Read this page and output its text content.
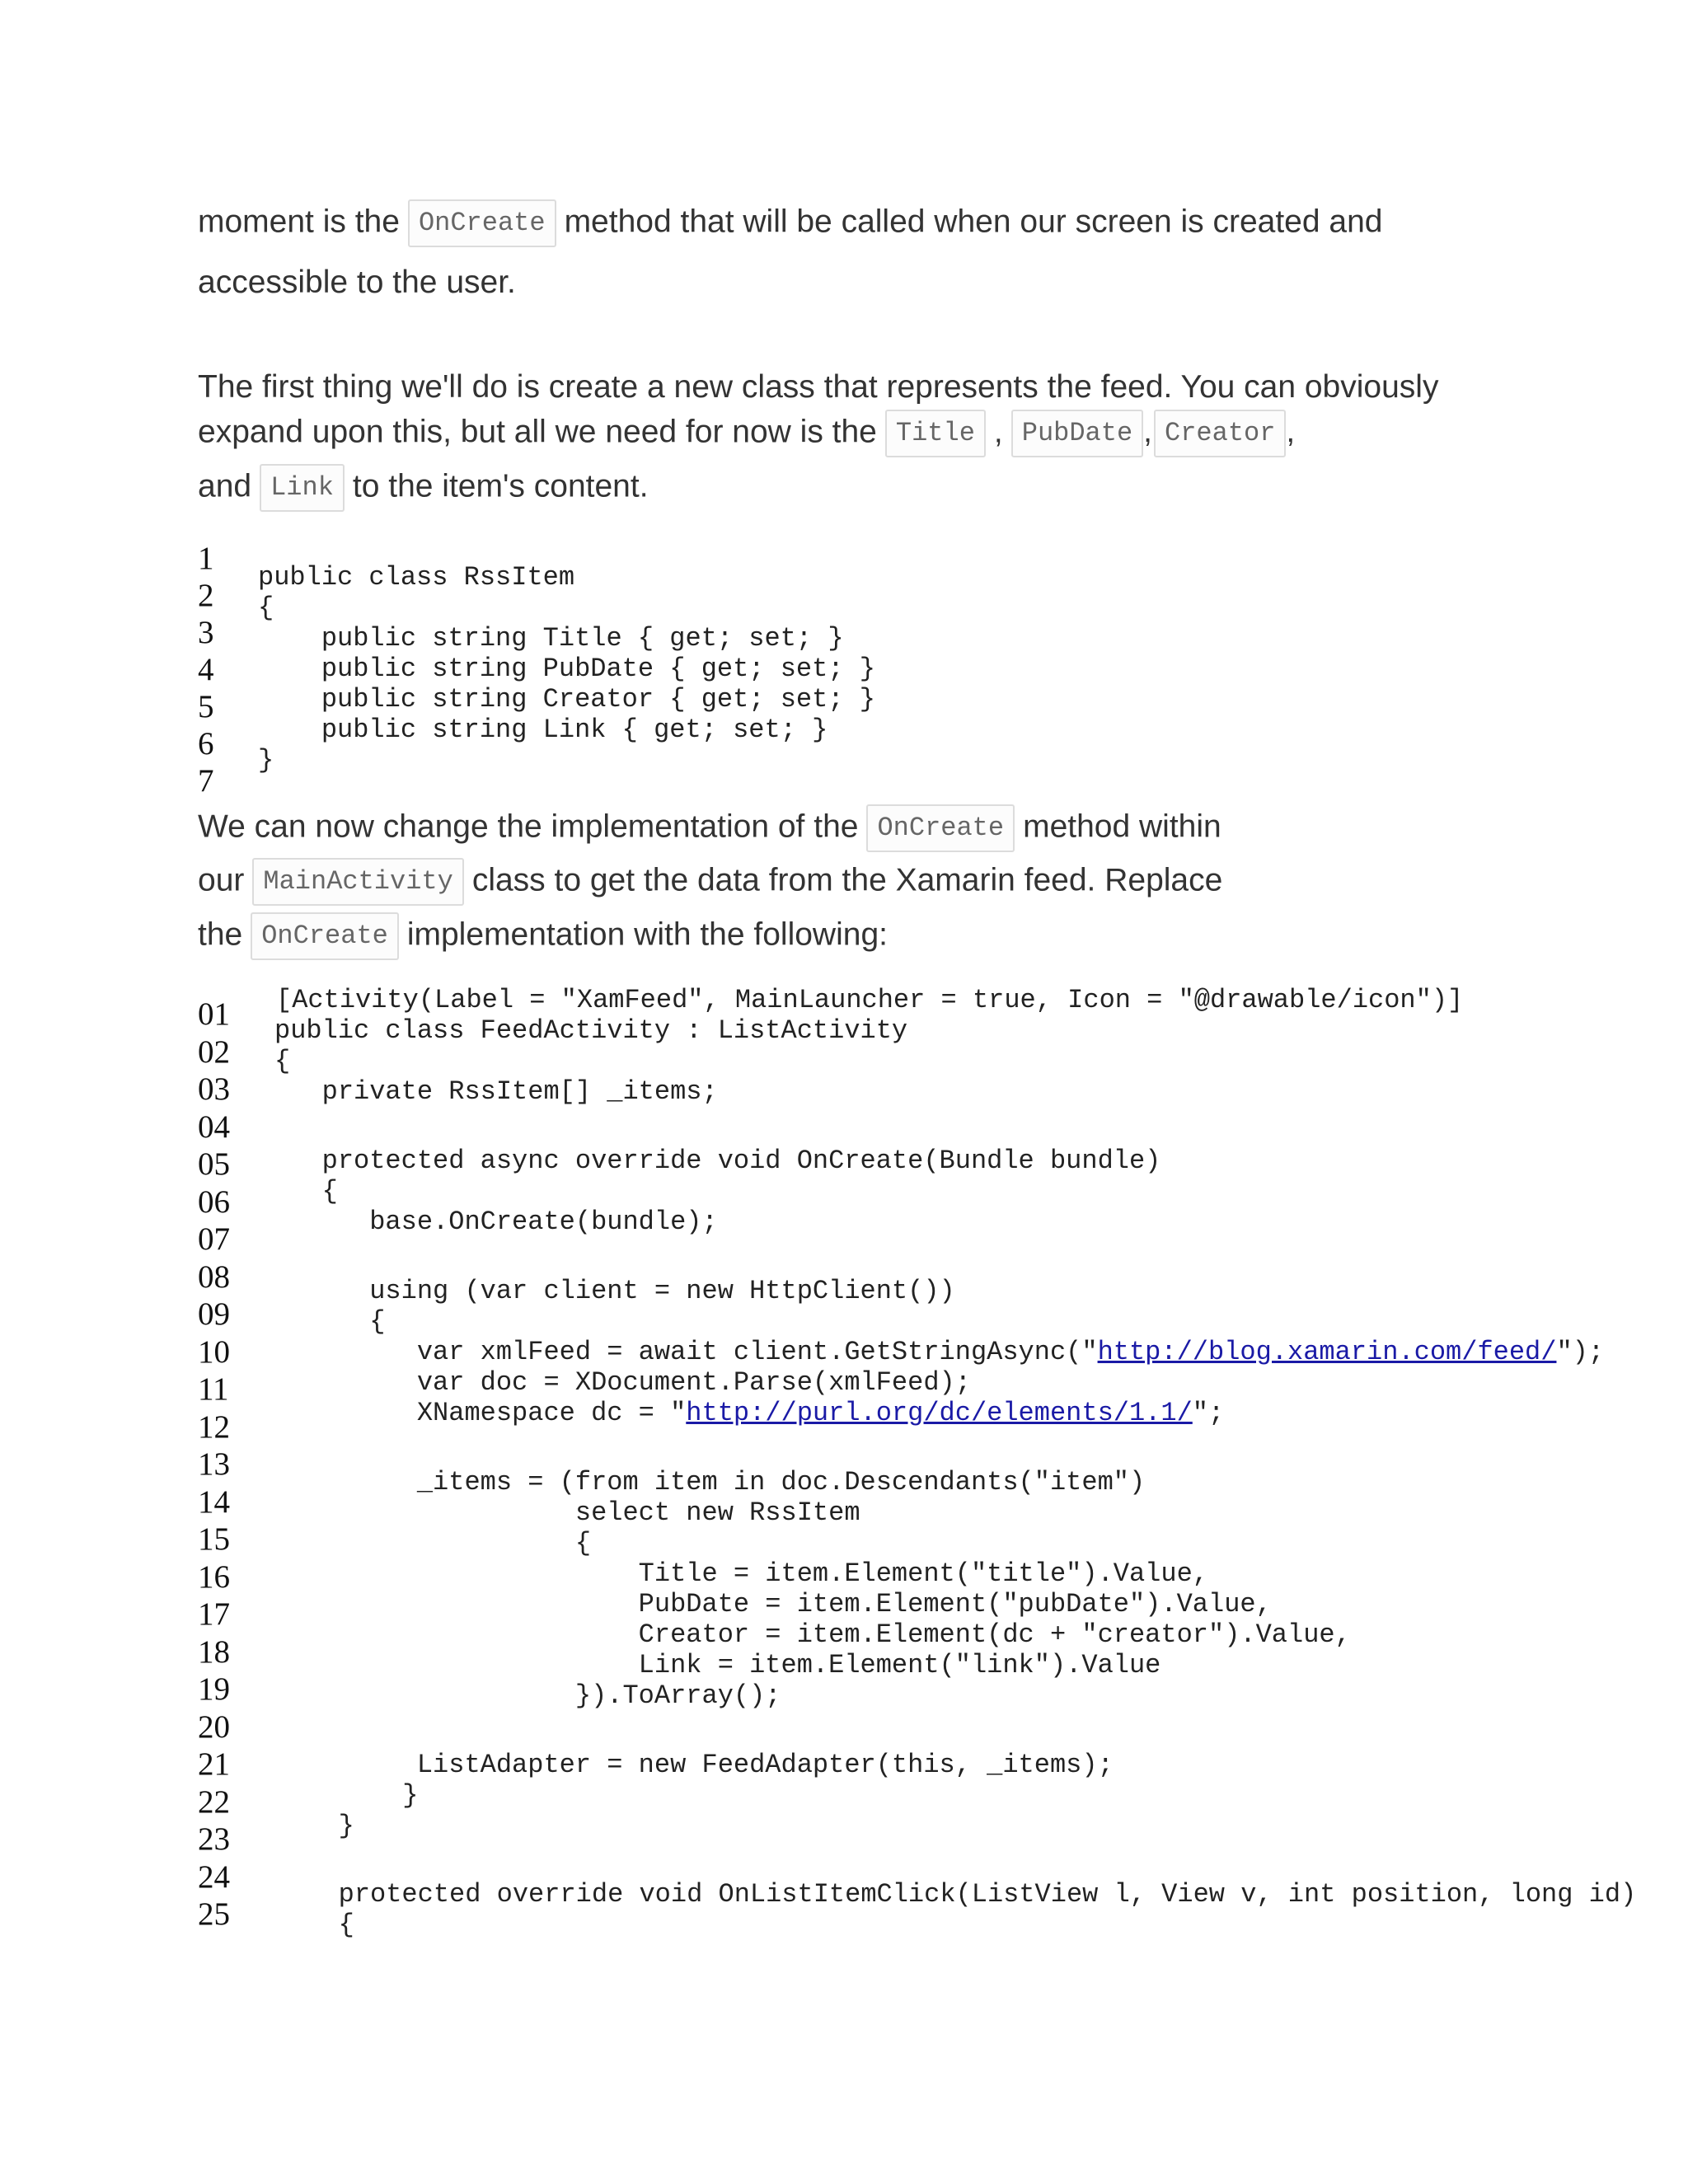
moment is the OnCreate method that will be called when our screen is created and
accessible to the user.
The first thing we'll do is create a new class that represents the feed. You can obviously
expand upon this, but all we need for now is the Title , PubDate , Creator ,
and Link to the item's content.
1
2
3
4
5
6
7
public class RssItem
{
public string Title { get; set; }
public string PubDate { get; set; }
public string Creator { get; set; }
public string Link { get; set; }
}
We can now change the implementation of the OnCreate method within
our MainActivity class to get the data from the Xamarin feed. Replace
the OnCreate implementation with the following:
01
02
03
04
05
06
07
08
09
10
11
12
13
14
15
16
17
18
19
20
21
22
23
24
25
[Activity(Label = "XamFeed", MainLauncher = true, Icon = "@drawable/icon")]
public class FeedActivity : ListActivity
{
private RssItem[] _items;
protected async override void OnCreate(Bundle bundle)
{
base.OnCreate(bundle);
using (var client = new HttpClient())
{
var xmlFeed = await client.GetStringAsync("http://blog.xamarin.com/feed/");
var doc = XDocument.Parse(xmlFeed);
XNamespace dc = "http://purl.org/dc/elements/1.1/";
_items = (from item in doc.Descendants("item")
select new RssItem
{
Title = item.Element("title").Value,
PubDate = item.Element("pubDate").Value,
Creator = item.Element(dc + "creator").Value,
Link = item.Element("link").Value
}).ToArray();
ListAdapter = new FeedAdapter(this, _items);
}
}
protected override void OnListItemClick(ListView l, View v, int position, long id)
{
